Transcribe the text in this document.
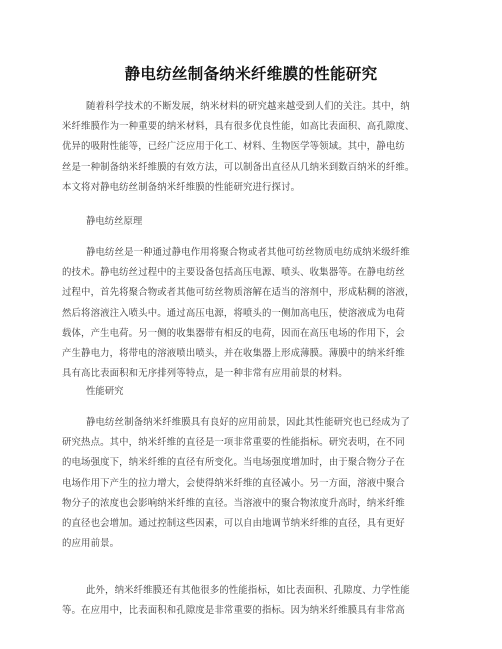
静电纺丝制备纳米纤维膜的性能研究
随着科学技术的不断发展，纳米材料的研究越来越受到人们的关注。其中，纳
米纤维膜作为一种重要的纳米材料，具有很多优良性能，如高比表面积、高孔隙度、
优异的吸附性能等，已经广泛应用于化工、材料、生物医学等领域。其中，静电纺
丝是一种制备纳米纤维膜的有效方法，可以制备出直径从几纳米到数百纳米的纤维。
本文将对静电纺丝制备纳米纤维膜的性能研究进行探讨。
静电纺丝原理
静电纺丝是一种通过静电作用将聚合物或者其他可纺丝物质电纺成纳米级纤维
的技术。静电纺丝过程中的主要设备包括高压电源、喷头、收集器等。在静电纺丝
过程中，首先将聚合物或者其他可纺丝物质溶解在适当的溶剂中，形成粘稠的溶液，
然后将溶液注入喷头中。通过高压电源，将喷头的一侧加高电压，使溶液成为电荷
载体，产生电荷。另一侧的收集器带有相反的电荷，因而在高压电场的作用下，会
产生静电力，将带电的溶液喷出喷头，并在收集器上形成薄膜。薄膜中的纳米纤维
具有高比表面积和无序排列等特点，是一种非常有应用前景的材料。
性能研究
静电纺丝制备纳米纤维膜具有良好的应用前景，因此其性能研究也已经成为了
研究热点。其中，纳米纤维的直径是一项非常重要的性能指标。研究表明，在不同
的电场强度下，纳米纤维的直径有所变化。当电场强度增加时，由于聚合物分子在
电场作用下产生的拉力增大，会使得纳米纤维的直径减小。另一方面，溶液中聚合
物分子的浓度也会影响纳米纤维的直径。当溶液中的聚合物浓度升高时，纳米纤维
的直径也会增加。通过控制这些因素，可以自由地调节纳米纤维的直径，具有更好
的应用前景。
此外，纳米纤维膜还有其他很多的性能指标，如比表面积、孔隙度、力学性能
等。在应用中，比表面积和孔隙度是非常重要的指标。因为纳米纤维膜具有非常高
